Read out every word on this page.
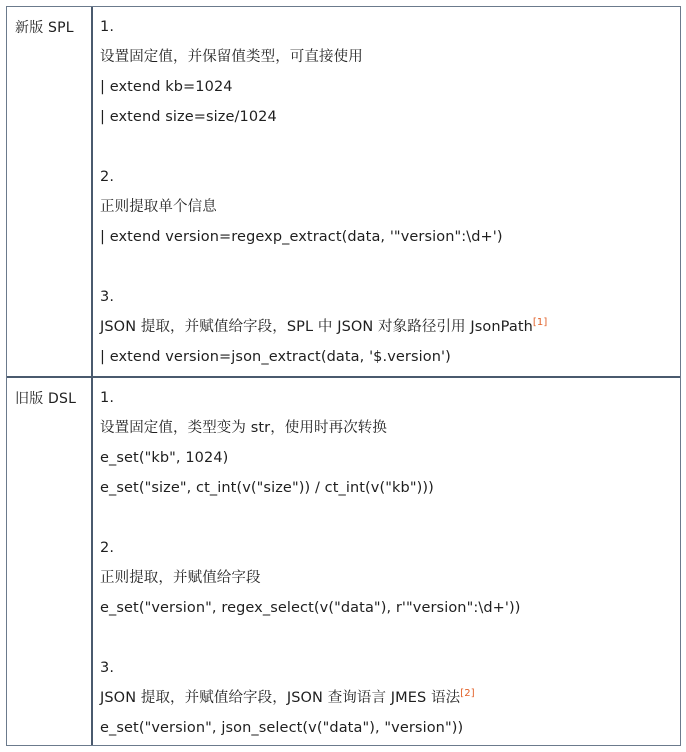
新版 SPL	1.
设置固定值，并保留值类型，可直接使用
| extend kb=1024
| extend size=size/1024
2.
正则提取单个信息
| extend version=regexp_extract(data, '"version":\d+')
3.
JSON 提取，并赋值给字段，SPL 中 JSON 对象路径引用 JsonPath[1]
| extend version=json_extract(data, '$.version')
旧版 DSL	1.
设置固定值，类型变为 str，使用时再次转换
e_set("kb", 1024)
e_set("size", ct_int(v("size")) / ct_int(v("kb")))
2.
正则提取，并赋值给字段
e_set("version", regex_select(v("data"), r'"version":\d+'))
3.
JSON 提取，并赋值给字段，JSON 查询语言 JMES 语法[2]
e_set("version", json_select(v("data"), "version"))
